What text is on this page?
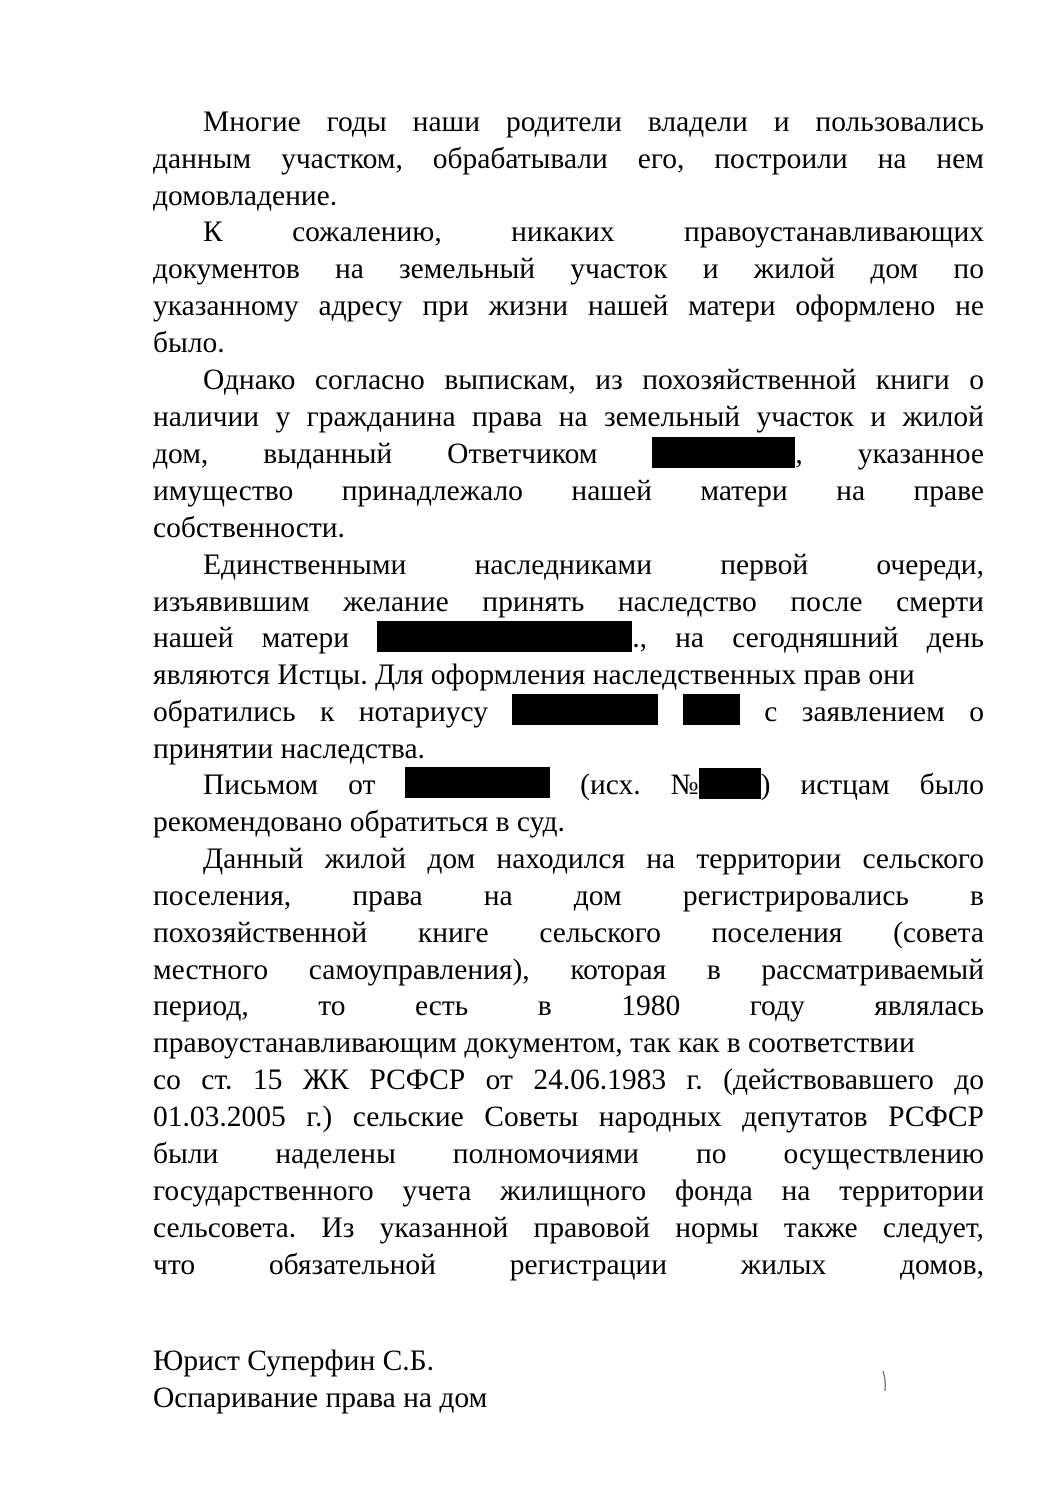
Многие годы наши родители владели и пользовались
данным участком, обрабатывали его, построили на нем
домовладение.
К сожалению, никаких правоустанавливающих
документов на земельный участок и жилой дом по
указанному адресу при жизни нашей матери оформлено не
было.
Однако согласно выпискам, из похозяйственной книги о
наличии у гражданина права на земельный участок и жилой
дом, выданный Ответчиком	, указанное
имущество принадлежало нашей матери на праве
собственности.
Единственными наследниками первой очереди,
изъявившим желание принять наследство после смерти
нашей матери	., на сегодняшний день
являются Истцы. Для оформления наследственных прав они
обратились к нотариусу	с заявлением о
принятии наследства.
Письмом от	(исх. № ) истцам было
рекомендовано обратиться в суд.
Данный жилой дом находился на территории сельского
поселения, права на дом регистрировались в
похозяйственной книге сельского поселения (совета
местного самоуправления), которая в рассматриваемый
период, то есть в 1980 году являлась
правоустанавливающим документом, так как в соответствии
со ст. 15 ЖК РСФСР от 24.06.1983 г. (действовавшего до
01.03.2005 г.) сельские Советы народных депутатов РСФСР
были наделены полномочиями по осуществлению
государственного учета жилищного фонда на территории
сельсовета. Из указанной правовой нормы также следует,
что	обязательной	регистрации	жилых	домов,
Юрист Суперфин С.Б.
Оспаривание права на дом
